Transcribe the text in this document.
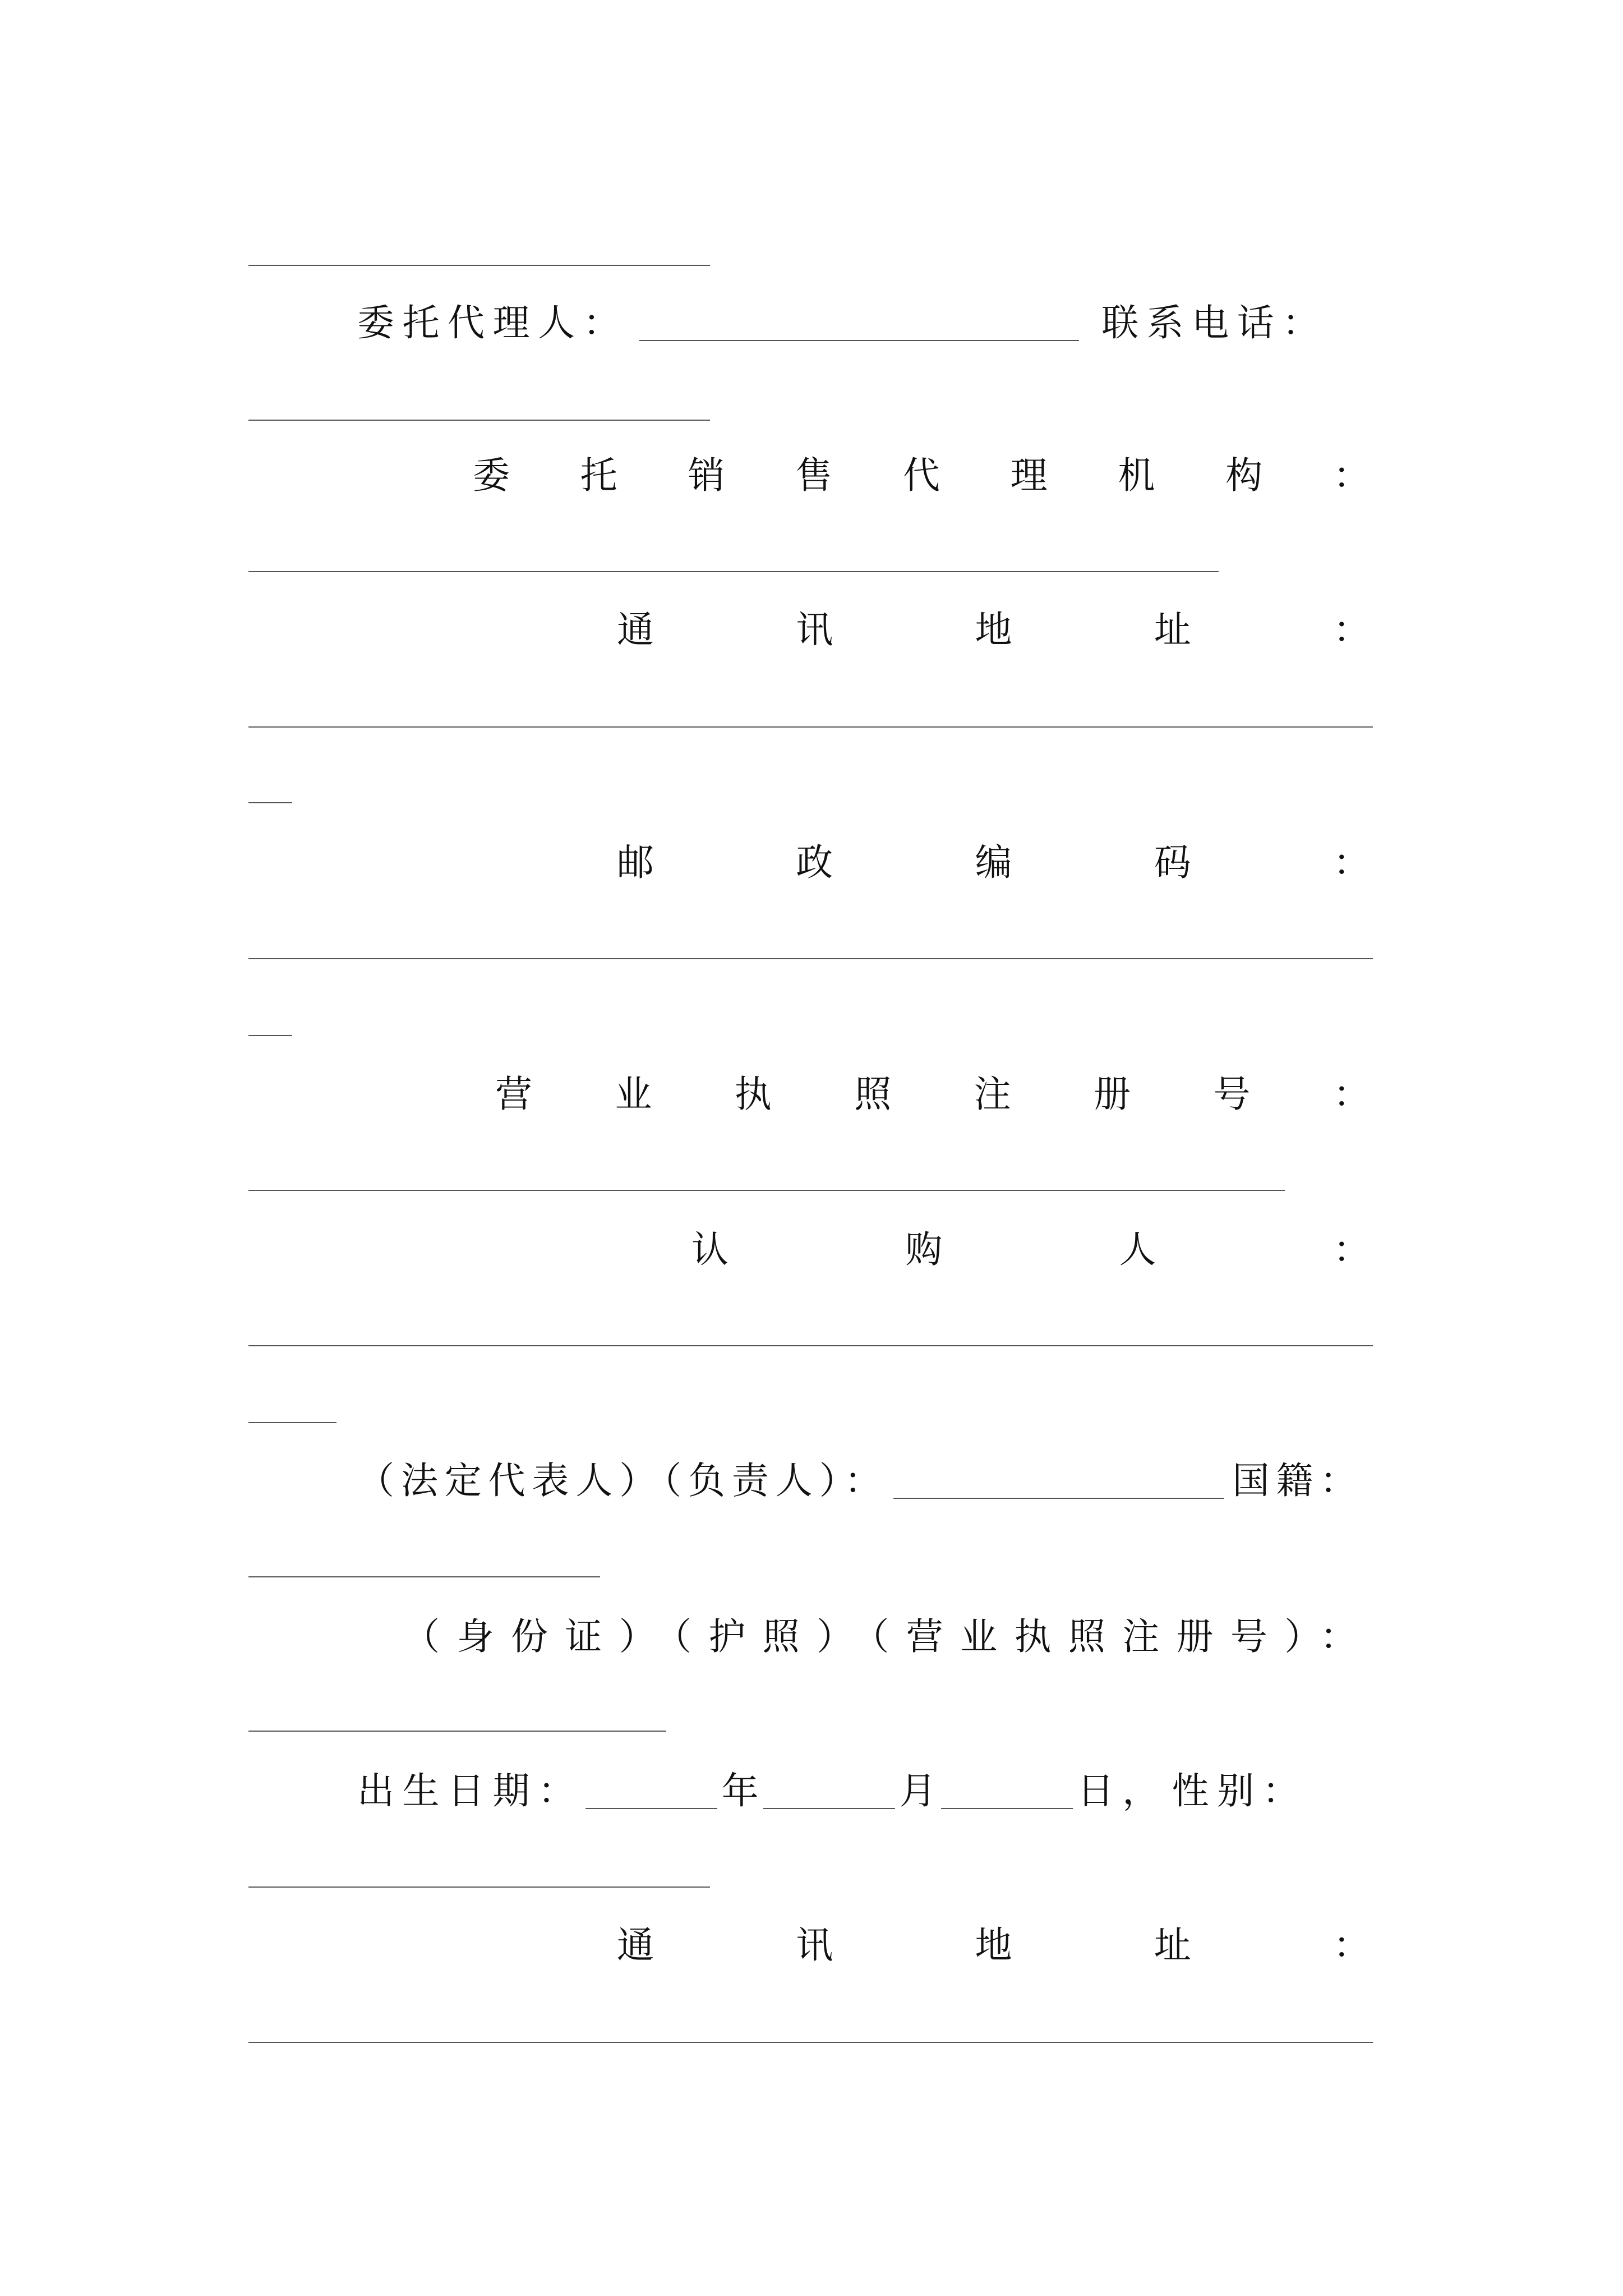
委托代理人：	联系电话：
委 托 销 售 代 理 机 构 ：
通	讯	地	址	：
邮	政	编	码	：
营 业 执 照 注 册 号 ：
认	购	人	：
（法定代表人）（负责人）：	国籍：
（身份证）（护照）（营业执照注册号）：
出生日期：	年	月	日， 性别：
通	讯	地	址	：
